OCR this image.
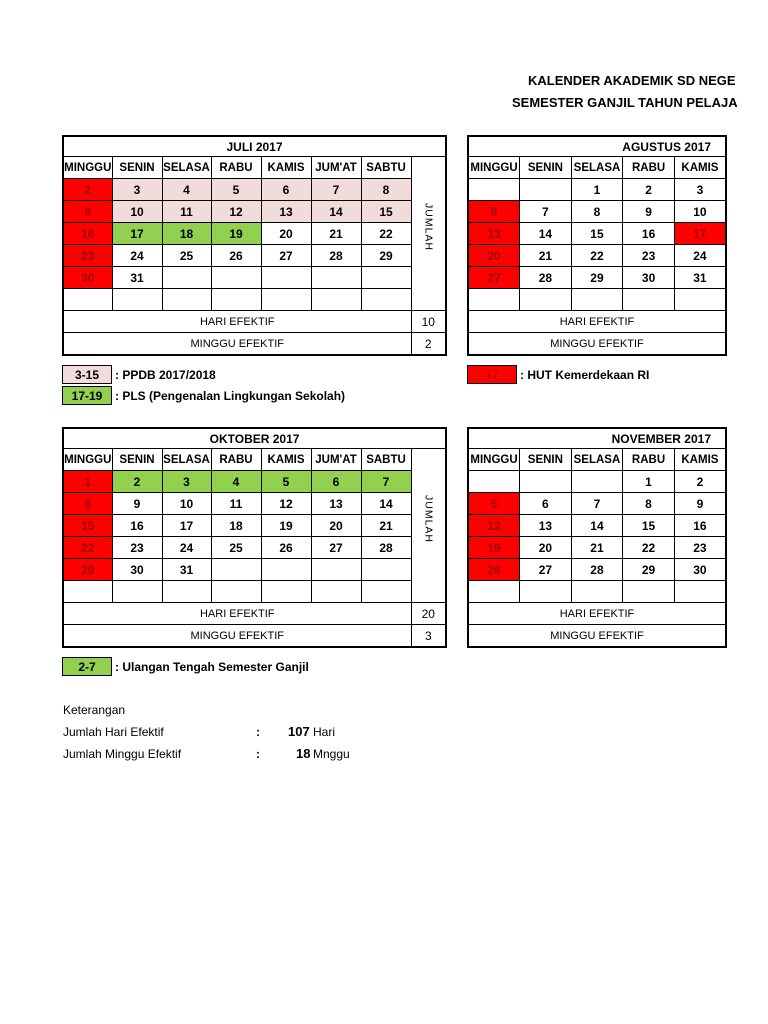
KALENDER AKADEMIK SD NEGE
SEMESTER GANJIL TAHUN PELAJA
JULI 2017							
MINGGU	SENIN	SELASA	RABU	KAMIS	JUM'AT	SABTU	JUMLAH
2	3	4	5	6	7	8	
9	10	11	12	13	14	15	
16	17	18	19	20	21	22	
23	24	25	26	27	28	29	
30	31						

HARI EFEKTIF							10
MINGGU EFEKTIF							2
AGUSTUS 2017				
MINGGU	SENIN	SELASA	RABU	KAMIS
		1	2	3
6	7	8	9	10
13	14	15	16	17
20	21	22	23	24
27	28	29	30	31

HARI EFEKTIF				
MINGGU EFEKTIF				
OKTOBER 2017							
MINGGU	SENIN	SELASA	RABU	KAMIS	JUM'AT	SABTU	JUMLAH
1	2	3	4	5	6	7	
8	9	10	11	12	13	14	
15	16	17	18	19	20	21	
22	23	24	25	26	27	28	
29	30	31					

HARI EFEKTIF							20
MINGGU EFEKTIF							3
NOVEMBER 2017				
MINGGU	SENIN	SELASA	RABU	KAMIS
			1	2
5	6	7	8	9
12	13	14	15	16
19	20	21	22	23
26	27	28	29	30

HARI EFEKTIF				
MINGGU EFEKTIF				
3-15	: PPDB 2017/2018
17-19	: PLS (Pengenalan Lingkungan Sekolah)
17	: HUT Kemerdekaan RI
2-7	: Ulangan Tengah Semester Ganjil
Keterangan
Jumlah Hari Efektif	: 107 Hari
Jumlah Minggu Efektif	:	18 Mnggu
